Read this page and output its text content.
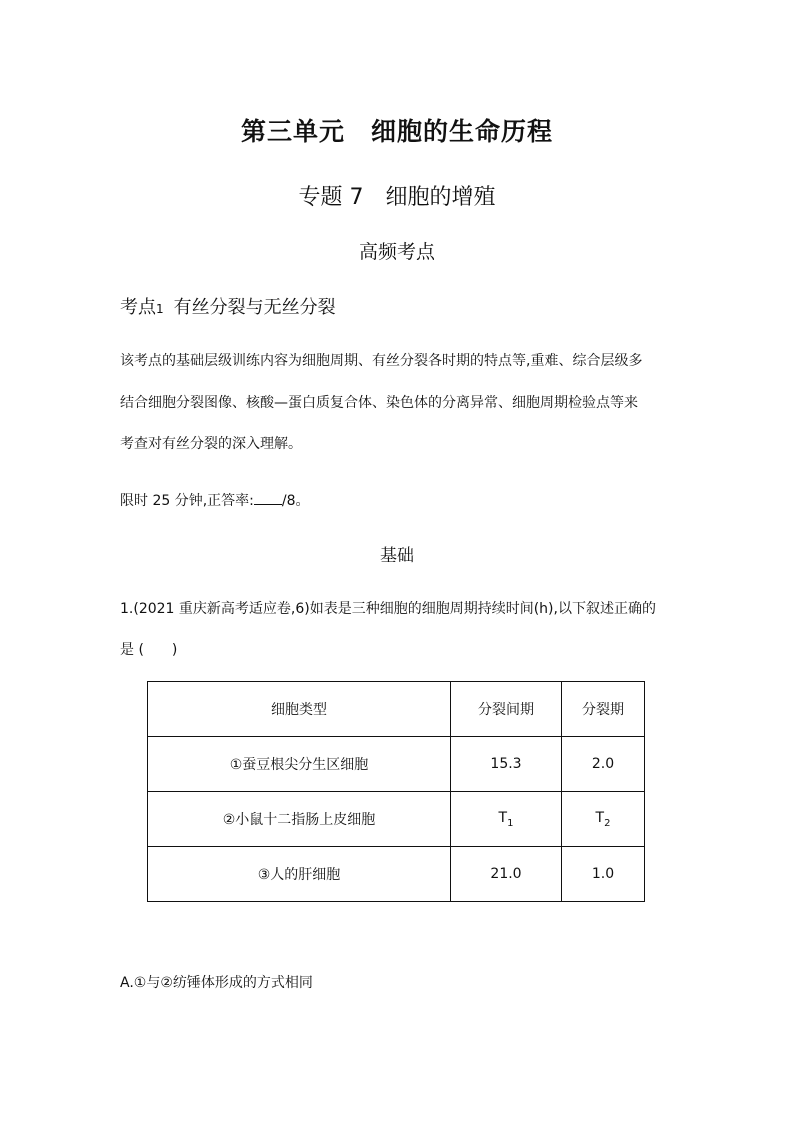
第三单元　细胞的生命历程
专题 7　细胞的增殖
高频考点
考点1 有丝分裂与无丝分裂
该考点的基础层级训练内容为细胞周期、有丝分裂各时期的特点等,重难、综合层级多
结合细胞分裂图像、核酸—蛋白质复合体、染色体的分离异常、细胞周期检验点等来
考查对有丝分裂的深入理解。
限时 25 分钟,正答率: /8。
基础
1.(2021 重庆新高考适应卷,6)如表是三种细胞的细胞周期持续时间(h),以下叙述正确的
是 (　　)
细胞类型	分裂间期	分裂期
①蚕豆根尖分生区细胞	15.3	2.0
②小鼠十二指肠上皮细胞	$T_1$	$T_2$
③人的肝细胞	21.0	1.0
A.①与②纺锤体形成的方式相同
